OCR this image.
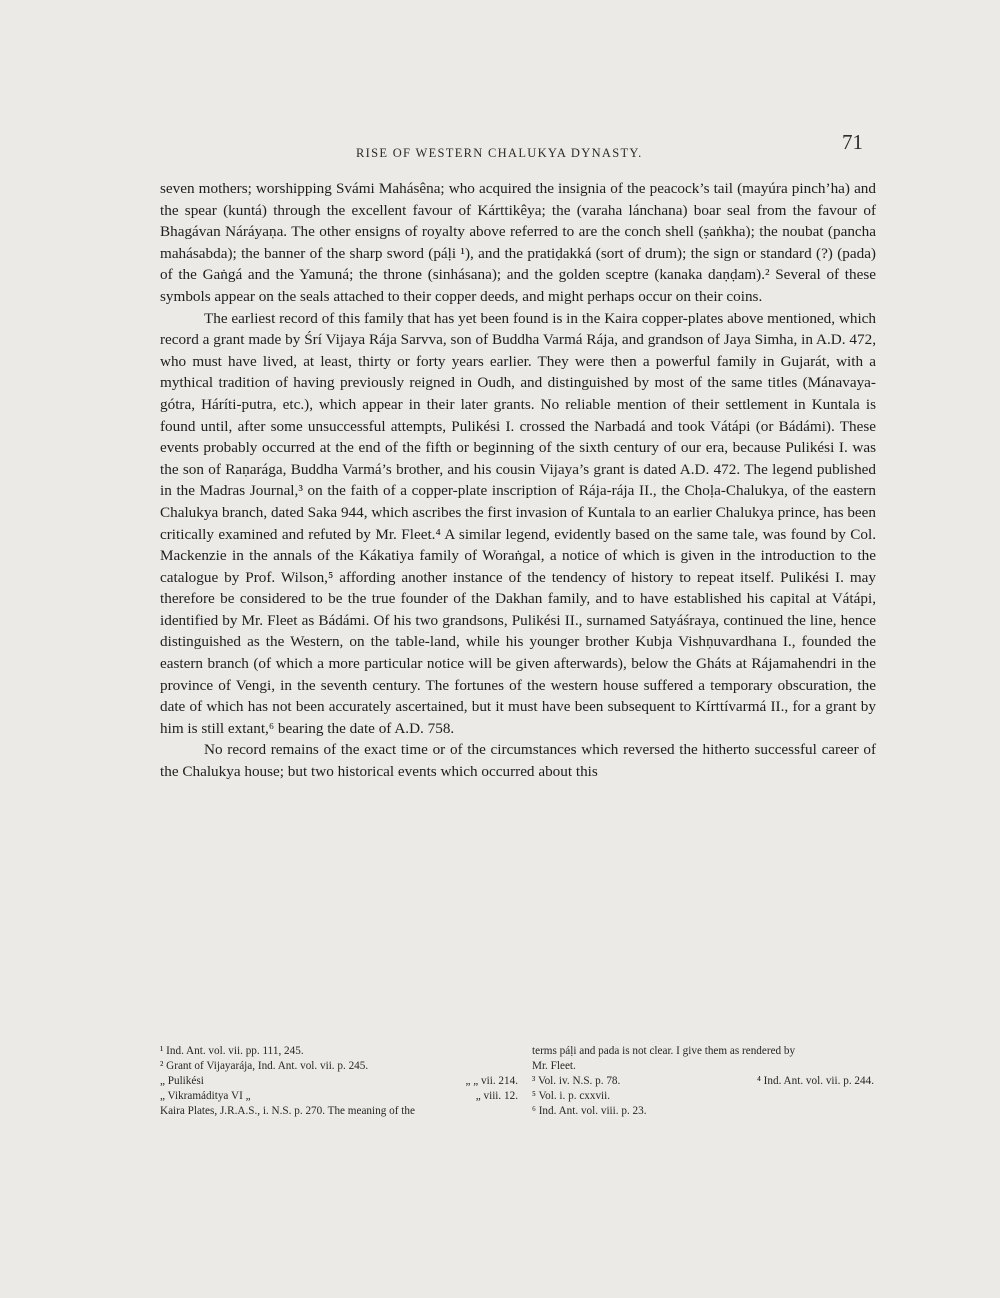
RISE OF WESTERN CHALUKYA DYNASTY.	71

seven mothers; worshipping Svámi Mahásêna; who acquired the insignia of the peacock’s tail (mayúra pinch’ha) and the spear (kuntá) through the excellent favour of Kárttikêya; the (varaha lánchana) boar seal from the favour of Bhagávan Náráyaṇa. The other ensigns of royalty above referred to are the conch shell (ṣaṅkha); the noubat (pancha mahásabda); the banner of the sharp sword (páḷi ¹), and the pratiḍakká (sort of drum); the sign or standard (?) (pada) of the Gaṅgá and the Yamuná; the throne (sinhásana); and the golden sceptre (kanaka daṇḍam).² Several of these symbols appear on the seals attached to their copper deeds, and might perhaps occur on their coins.

The earliest record of this family that has yet been found is in the Kaira copper-plates above mentioned, which record a grant made by Śrí Vijaya Rája Sarvva, son of Buddha Varmá Rája, and grandson of Jaya Simha, in A.D. 472, who must have lived, at least, thirty or forty years earlier. They were then a powerful family in Gujarát, with a mythical tradition of having previously reigned in Oudh, and distinguished by most of the same titles (Mánavaya-gótra, Háríti-putra, etc.), which appear in their later grants. No reliable mention of their settlement in Kuntala is found until, after some unsuccessful attempts, Pulikési I. crossed the Narbadá and took Vátápi (or Bádámi). These events probably occurred at the end of the fifth or beginning of the sixth century of our era, because Pulikési I. was the son of Raṇarága, Buddha Varmá’s brother, and his cousin Vijaya’s grant is dated A.D. 472. The legend published in the Madras Journal,³ on the faith of a copper-plate inscription of Rája-rája II., the Choḷa-Chalukya, of the eastern Chalukya branch, dated Saka 944, which ascribes the first invasion of Kuntala to an earlier Chalukya prince, has been critically examined and refuted by Mr. Fleet.⁴ A similar legend, evidently based on the same tale, was found by Col. Mackenzie in the annals of the Kákatiya family of Woraṅgal, a notice of which is given in the introduction to the catalogue by Prof. Wilson,⁵ affording another instance of the tendency of history to repeat itself. Pulikési I. may therefore be considered to be the true founder of the Dakhan family, and to have established his capital at Vátápi, identified by Mr. Fleet as Bádámi. Of his two grandsons, Pulikési II., surnamed Satyáśraya, continued the line, hence distinguished as the Western, on the table-land, while his younger brother Kubja Vishṇuvardhana I., founded the eastern branch (of which a more particular notice will be given afterwards), below the Gháts at Rájamahendri in the province of Vengi, in the seventh century. The fortunes of the western house suffered a temporary obscuration, the date of which has not been accurately ascertained, but it must have been subsequent to Kírttívarmá II., for a grant by him is still extant,⁶ bearing the date of A.D. 758.

No record remains of the exact time or of the circumstances which reversed the hitherto successful career of the Chalukya house; but two historical events which occurred about this

¹ Ind. Ant. vol. vii. pp. 111, 245.
² Grant of Vijayarája, Ind. Ant. vol. vii. p. 245.
„ Pulikési	„ „ vii. 214.
„ Vikramáditya VI „	„ viii. 12.
Kaira Plates, J.R.A.S., i. N.S. p. 270. The meaning of the
terms páḷi and pada is not clear. I give them as rendered by
Mr. Fleet.
³ Vol. iv. N.S. p. 78.	⁴ Ind. Ant. vol. vii. p. 244.
⁵ Vol. i. p. cxxvii.
⁶ Ind. Ant. vol. viii. p. 23.
